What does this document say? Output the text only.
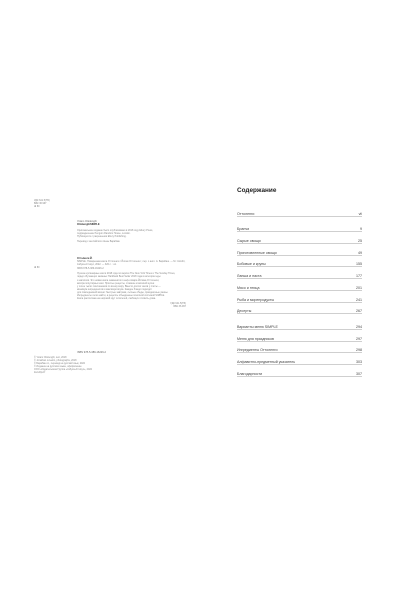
УДК 641.5(ТБ)
ББК 36.997
Ш 80
Yotam Ottolenghi
OttolenghiSIMPLE
Оригинальное издание было опубликовано в 2018 году Ebury Press,
подразделение Penguin Random House, London.
Публикуется с разрешения Ebury Publishing.
Перевод с английского Анны Барабаш
Ш 80
Оттоленги Й.
SIMPLE. Поваренная книга Оттоленги / Йотам Оттоленги ; пер. с англ. А. Барабаш. — М.: КoLibri, Азбука-Аттикус, 2022. — 320 с. : ил.
ISBN 978-5-389-16226-2
Лучшие кулинарные книги 2018 года по версии The New York Times и The Sunday Times,
лидер обучающих книжных Hardback Best Seller 2018 года в категории еды
и напитков. Это новая книга знаменитого шеф-повара Йотама Оттоленги,
автора популярных книг. Простые рецепты, ставшие классикой кухни
у сотен тысяч поклонников по всему миру. Вместо долгих часов у плиты —
минимум ингредиентов и максимум вкуса. Каждое блюдо подходит
для повседневной жизни: быстрые завтраки, сытные обеды, праздничные ужины.
Ингредиенты легко найти, а рецепты объединены понятной системой SIMPLE.
Книга рассчитана на широкий круг читателей, любящих готовить дома.
УДК 641.5(ТБ)
ББК 36.997
ISBN 978-5-389-16226-2
© Yotam Ottolenghi, text, 2018
© Jonathan Lovekin, photographs, 2018
© Барабаш А., перевод на русский язык, 2022
© Издание на русском языке, оформление
ООО «Издательская Группа «Азбука-Аттикус», 2022
Колибри®
Содержание
Оттоленги	vii
Бранчи	9
Сырые овощи	25
Приготовленные овощи	49
Бобовые и крупы	155
Лапша и паста	177
Мясо и птица	201
Рыба и морепродукты	241
Десерты	267
Варианты меню SIMPLE	294
Меню для праздников	297
Ингредиенты Оттоленги	298
Алфавитно-предметный указатель	303
Благодарности	307
